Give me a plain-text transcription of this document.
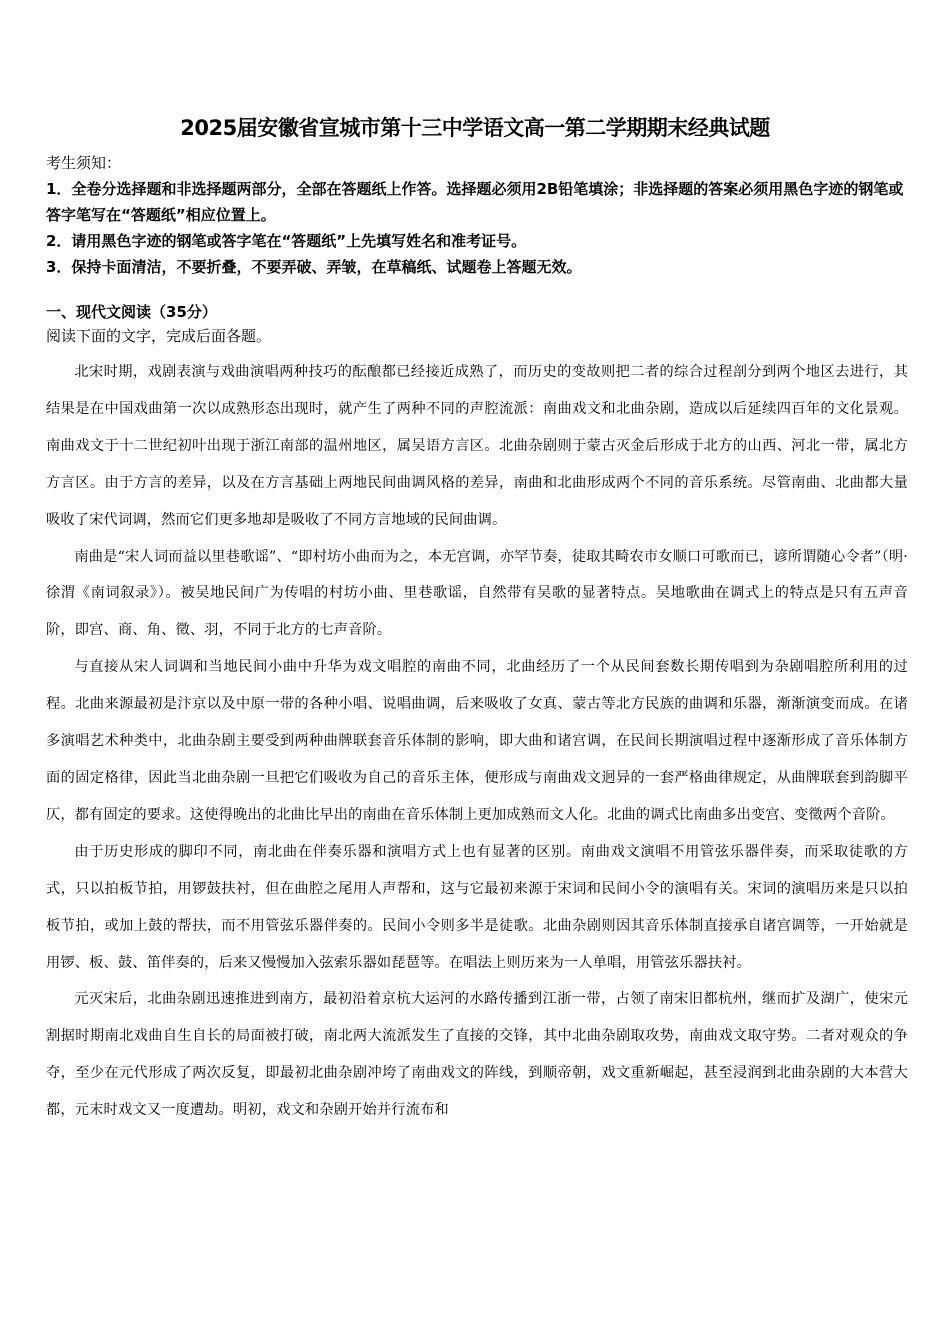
2025届安徽省宣城市第十三中学语文高一第二学期期末经典试题

考生须知：

1．全卷分选择题和非选择题两部分，全部在答题纸上作答。选择题必须用2B铅笔填涂；非选择题的答案必须用黑色字迹的钢笔或答字笔写在“答题纸”相应位置上。

2．请用黑色字迹的钢笔或答字笔在“答题纸”上先填写姓名和准考证号。

3．保持卡面清洁，不要折叠，不要弄破、弄皱，在草稿纸、试题卷上答题无效。

一、现代文阅读（35分）

阅读下面的文字，完成后面各题。

北宋时期，戏剧表演与戏曲演唱两种技巧的酝酿都已经接近成熟了，而历史的变故则把二者的综合过程剖分到两个地区去进行，其结果是在中国戏曲第一次以成熟形态出现时，就产生了两种不同的声腔流派：南曲戏文和北曲杂剧，造成以后延续四百年的文化景观。南曲戏文于十二世纪初叶出现于浙江南部的温州地区，属吴语方言区。北曲杂剧则于蒙古灭金后形成于北方的山西、河北一带，属北方方言区。由于方言的差异，以及在方言基础上两地民间曲调风格的差异，南曲和北曲形成两个不同的音乐系统。尽管南曲、北曲都大量吸收了宋代词调，然而它们更多地却是吸收了不同方言地域的民间曲调。

南曲是“宋人词而益以里巷歌谣”、“即村坊小曲而为之，本无宫调，亦罕节奏，徒取其畸农市女顺口可歌而已，谚所谓随心令者”（明·徐渭《南词叙录》）。被吴地民间广为传唱的村坊小曲、里巷歌谣，自然带有吴歌的显著特点。吴地歌曲在调式上的特点是只有五声音阶，即宫、商、角、徵、羽，不同于北方的七声音阶。

与直接从宋人词调和当地民间小曲中升华为戏文唱腔的南曲不同，北曲经历了一个从民间套数长期传唱到为杂剧唱腔所利用的过程。北曲来源最初是汴京以及中原一带的各种小唱、说唱曲调，后来吸收了女真、蒙古等北方民族的曲调和乐器，渐渐演变而成。在诸多演唱艺术种类中，北曲杂剧主要受到两种曲牌联套音乐体制的影响，即大曲和诸宫调，在民间长期演唱过程中逐渐形成了音乐体制方面的固定格律，因此当北曲杂剧一旦把它们吸收为自己的音乐主体，便形成与南曲戏文迥异的一套严格曲律规定，从曲牌联套到韵脚平仄，都有固定的要求。这使得晚出的北曲比早出的南曲在音乐体制上更加成熟而文人化。北曲的调式比南曲多出变宫、变徵两个音阶。

由于历史形成的脚印不同，南北曲在伴奏乐器和演唱方式上也有显著的区别。南曲戏文演唱不用管弦乐器伴奏，而采取徒歌的方式，只以拍板节拍，用锣鼓扶衬，但在曲腔之尾用人声帮和，这与它最初来源于宋词和民间小令的演唱有关。宋词的演唱历来是只以拍板节拍，或加上鼓的帮扶，而不用管弦乐器伴奏的。民间小令则多半是徒歌。北曲杂剧则因其音乐体制直接承自诸宫调等，一开始就是用锣、板、鼓、笛伴奏的，后来又慢慢加入弦索乐器如琵琶等。在唱法上则历来为一人单唱，用管弦乐器扶衬。

元灭宋后，北曲杂剧迅速推进到南方，最初沿着京杭大运河的水路传播到江浙一带，占领了南宋旧都杭州，继而扩及湖广，使宋元割据时期南北戏曲自生自长的局面被打破，南北两大流派发生了直接的交锋，其中北曲杂剧取攻势，南曲戏文取守势。二者对观众的争夺，至少在元代形成了两次反复，即最初北曲杂剧冲垮了南曲戏文的阵线，到顺帝朝，戏文重新崛起，甚至浸润到北曲杂剧的大本营大都，元末时戏文又一度遭劫。明初，戏文和杂剧开始并行流布和
